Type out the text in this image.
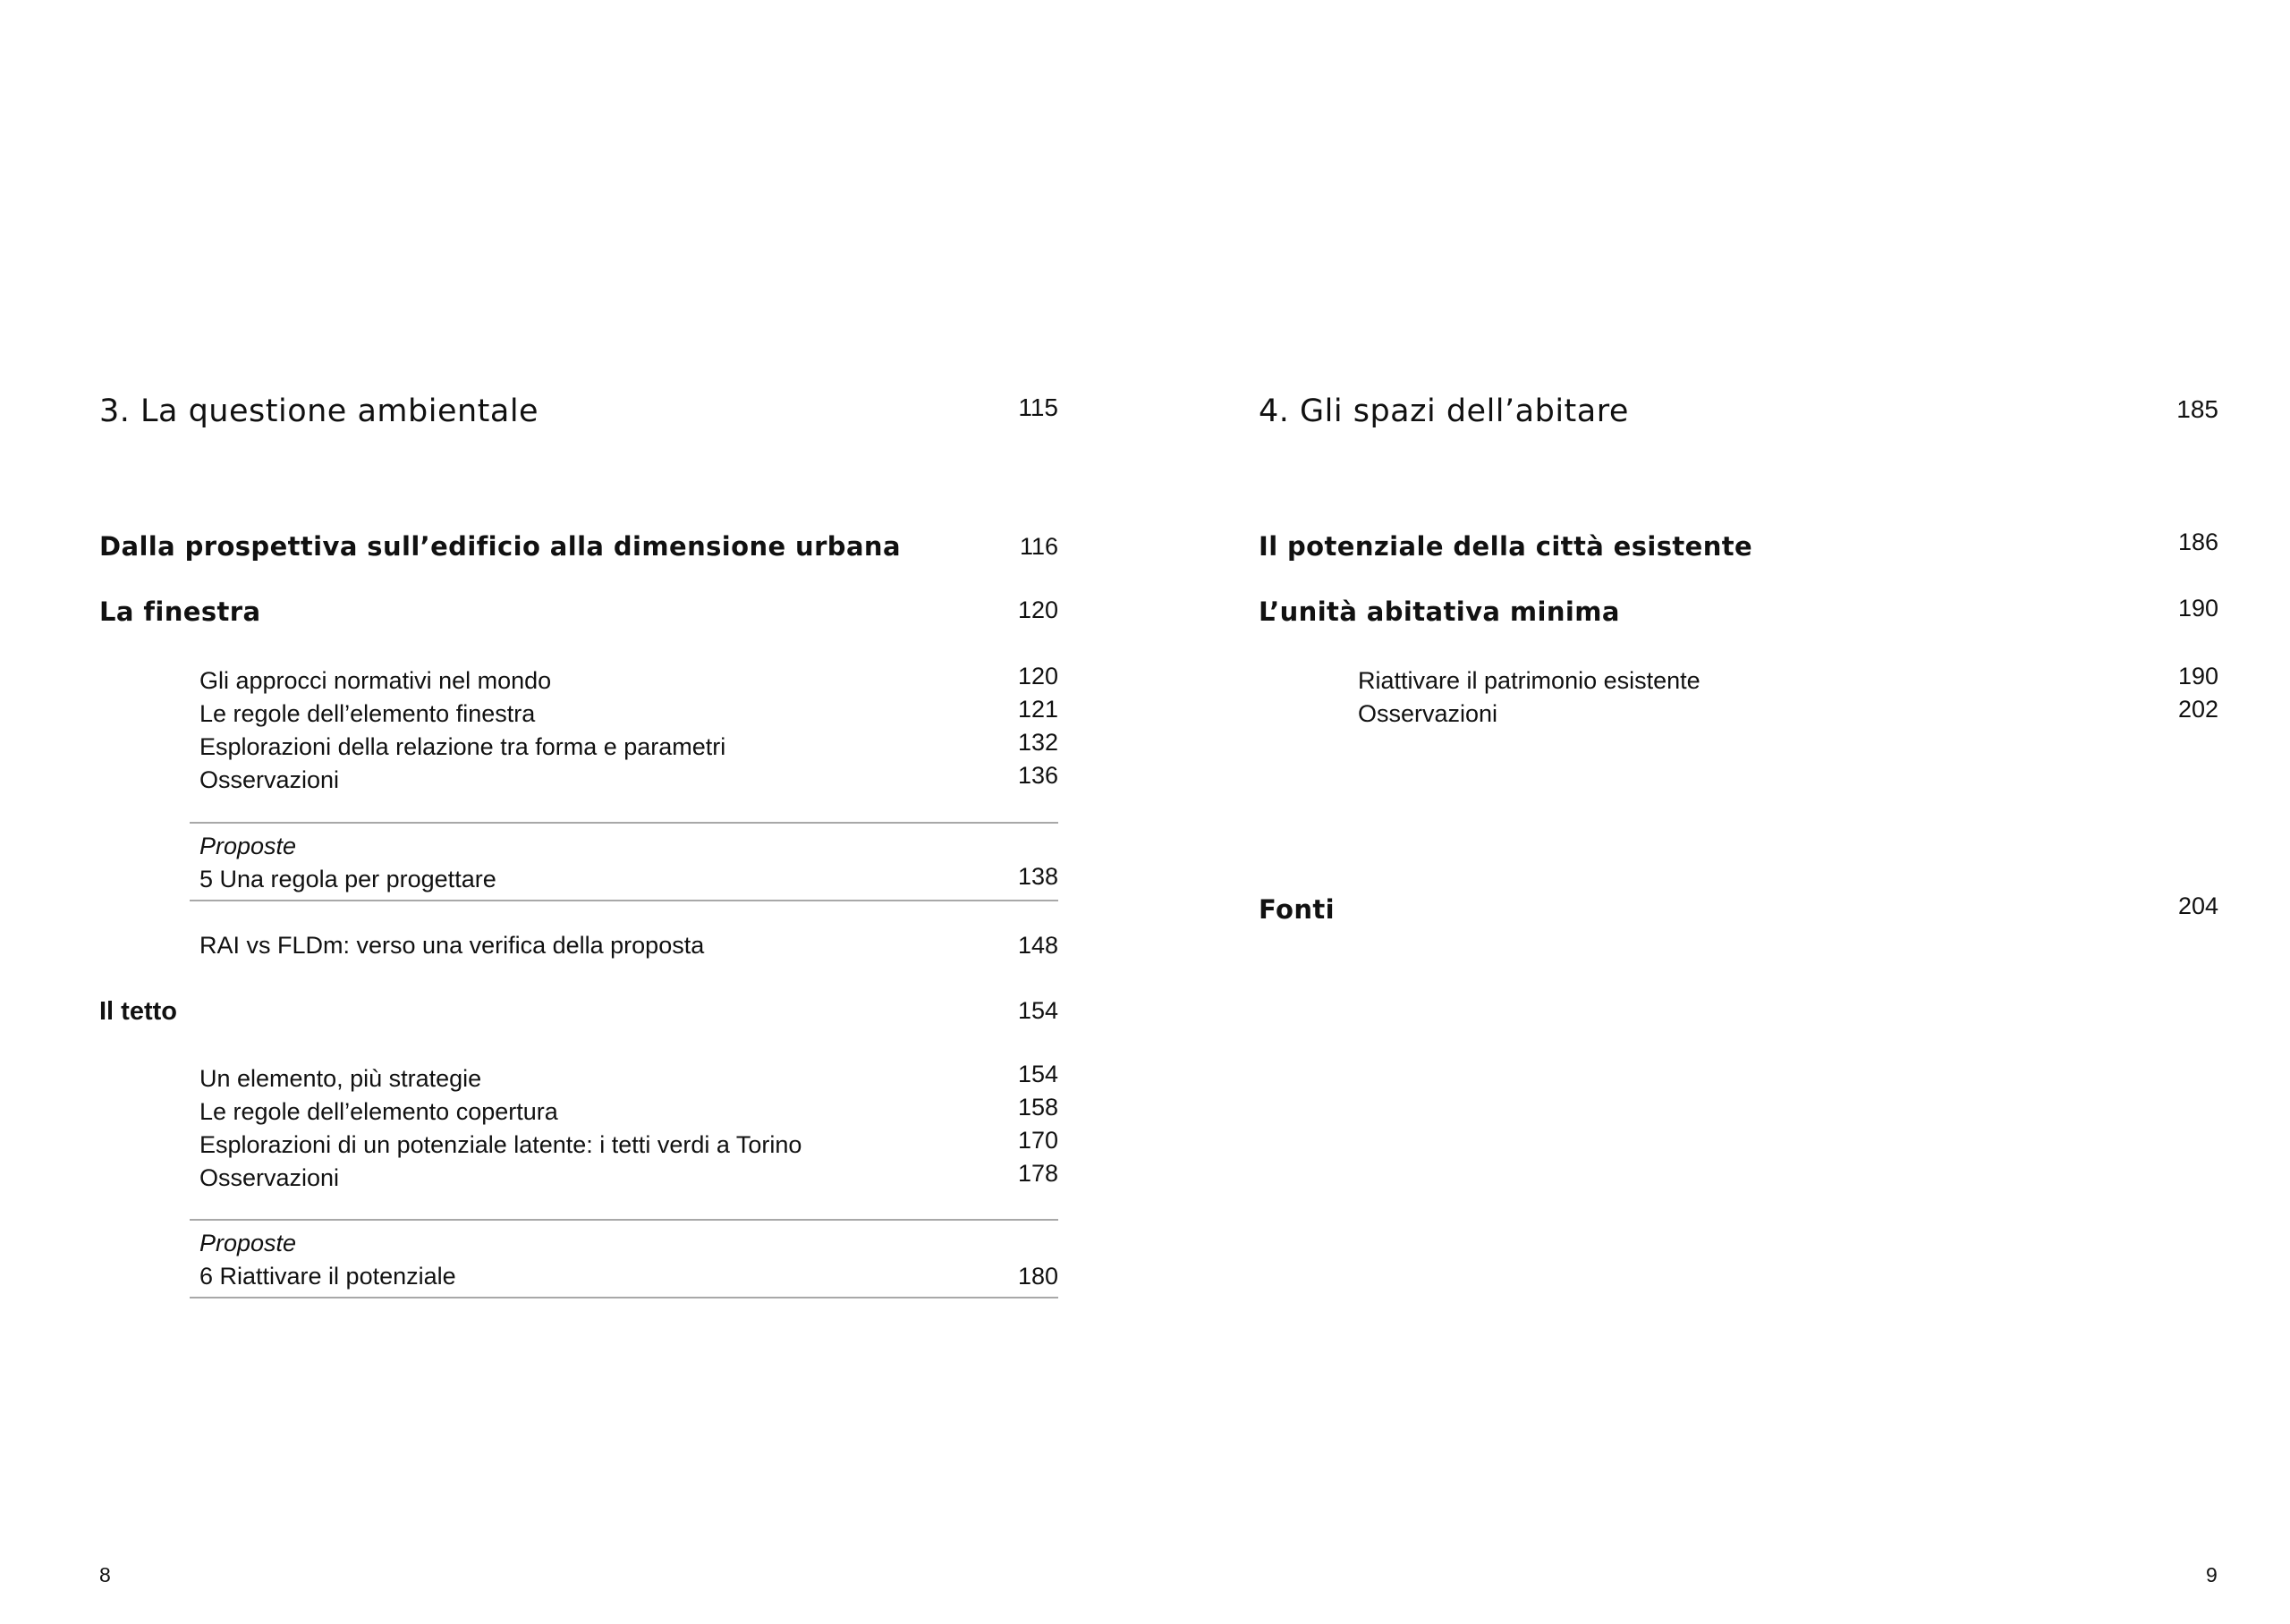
3. La questione ambientale	115
Dalla prospettiva sull’edificio alla dimensione urbana	116
La finestra	120
Gli approcci normativi nel mondo	120
Le regole dell’elemento finestra	121
Esplorazioni della relazione tra forma e parametri	132
Osservazioni	136
Proposte
5 Una regola per progettare	138
RAI vs FLDm: verso una verifica della proposta	148
Il tetto	154
Un elemento, più strategie	154
Le regole dell’elemento copertura	158
Esplorazioni di un potenziale latente: i tetti verdi a Torino	170
Osservazioni	178
Proposte
6 Riattivare il potenziale	180
8
4. Gli spazi dell’abitare	185
Il potenziale della città esistente	186
L’unità abitativa minima	190
Riattivare il patrimonio esistente	190
Osservazioni	202
Fonti	204
9
